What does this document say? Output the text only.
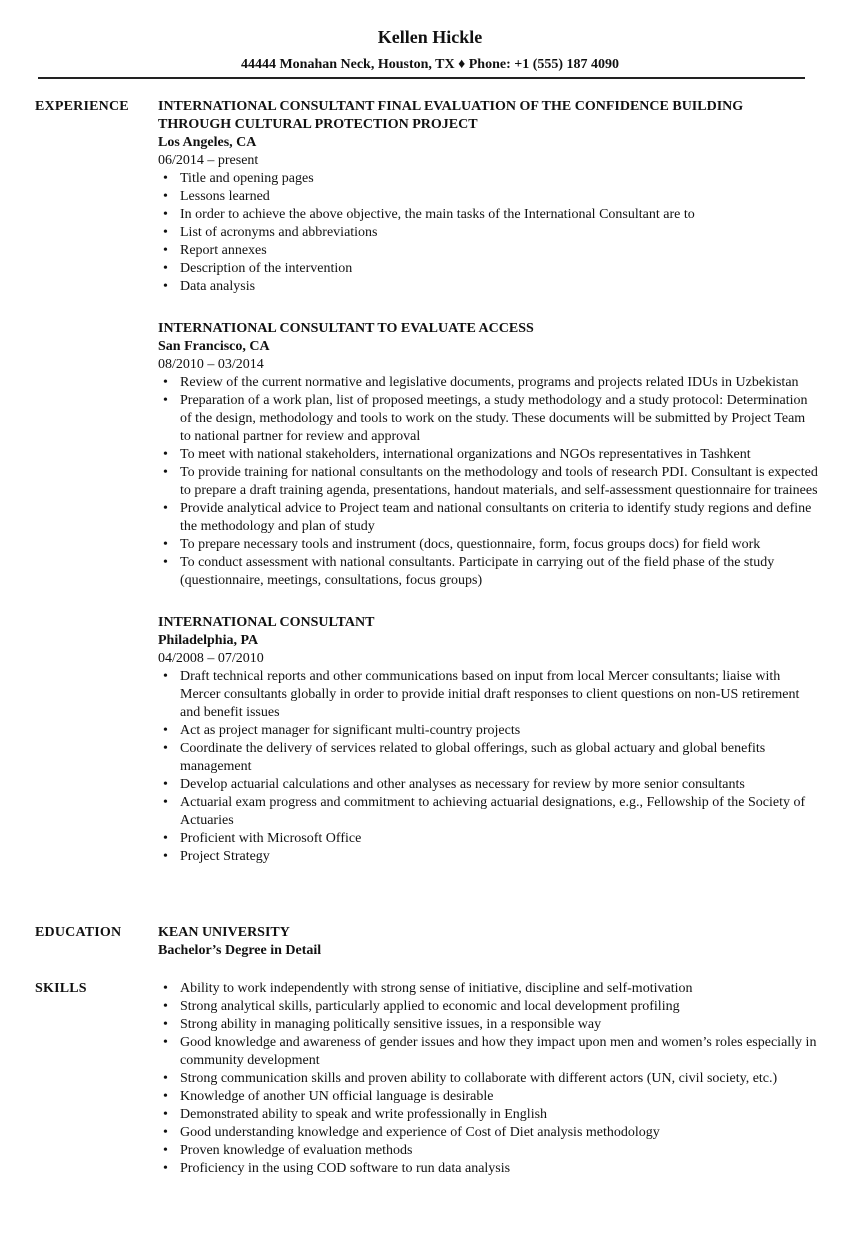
Kellen Hickle
44444 Monahan Neck, Houston, TX ♦ Phone: +1 (555) 187 4090
EXPERIENCE INTERNATIONAL CONSULTANT FINAL EVALUATION OF THE CONFIDENCE BUILDING THROUGH CULTURAL PROTECTION PROJECT
Los Angeles, CA
06/2014 – present
• Title and opening pages
• Lessons learned
• In order to achieve the above objective, the main tasks of the International Consultant are to
• List of acronyms and abbreviations
• Report annexes
• Description of the intervention
• Data analysis
INTERNATIONAL CONSULTANT TO EVALUATE ACCESS
San Francisco, CA
08/2010 – 03/2014
• Review of the current normative and legislative documents, programs and projects related IDUs in Uzbekistan
• Preparation of a work plan, list of proposed meetings, a study methodology and a study protocol: Determination of the design, methodology and tools to work on the study. These documents will be submitted by Project Team to national partner for review and approval
• To meet with national stakeholders, international organizations and NGOs representatives in Tashkent
• To provide training for national consultants on the methodology and tools of research PDI. Consultant is expected to prepare a draft training agenda, presentations, handout materials, and self-assessment questionnaire for trainees
• Provide analytical advice to Project team and national consultants on criteria to identify study regions and define the methodology and plan of study
• To prepare necessary tools and instrument (docs, questionnaire, form, focus groups docs) for field work
• To conduct assessment with national consultants. Participate in carrying out of the field phase of the study (questionnaire, meetings, consultations, focus groups)
INTERNATIONAL CONSULTANT
Philadelphia, PA
04/2008 – 07/2010
• Draft technical reports and other communications based on input from local Mercer consultants; liaise with Mercer consultants globally in order to provide initial draft responses to client questions on non-US retirement and benefit issues
• Act as project manager for significant multi-country projects
• Coordinate the delivery of services related to global offerings, such as global actuary and global benefits management
• Develop actuarial calculations and other analyses as necessary for review by more senior consultants
• Actuarial exam progress and commitment to achieving actuarial designations, e.g., Fellowship of the Society of Actuaries
• Proficient with Microsoft Office
• Project Strategy
EDUCATION	KEAN UNIVERSITY
Bachelor’s Degree in Detail
SKILLS	• Ability to work independently with strong sense of initiative, discipline and self-motivation
• Strong analytical skills, particularly applied to economic and local development profiling
• Strong ability in managing politically sensitive issues, in a responsible way
• Good knowledge and awareness of gender issues and how they impact upon men and women’s roles especially in community development
• Strong communication skills and proven ability to collaborate with different actors (UN, civil society, etc.)
• Knowledge of another UN official language is desirable
• Demonstrated ability to speak and write professionally in English
• Good understanding knowledge and experience of Cost of Diet analysis methodology
• Proven knowledge of evaluation methods
• Proficiency in the using COD software to run data analysis
